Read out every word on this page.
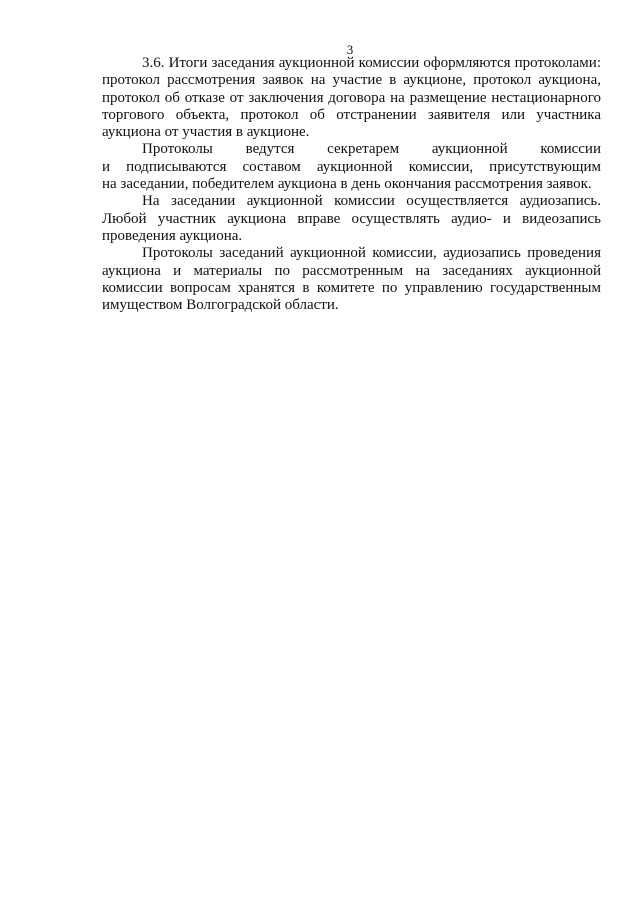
3

3.6. Итоги заседания аукционной комиссии оформляются протоколами:
протокол рассмотрения заявок на участие в аукционе, протокол аукциона,
протокол об отказе от заключения договора на размещение нестационарного
торгового объекта, протокол об отстранении заявителя или участника
аукциона от участия в аукционе.

Протоколы ведутся секретарем аукционной комиссии
и подписываются составом аукционной комиссии, присутствующим
на заседании, победителем аукциона в день окончания рассмотрения заявок.

На заседании аукционной комиссии осуществляется аудиозапись.
Любой участник аукциона вправе осуществлять аудио- и видеозапись
проведения аукциона.

Протоколы заседаний аукционной комиссии, аудиозапись проведения
аукциона и материалы по рассмотренным на заседаниях аукционной
комиссии вопросам хранятся в комитете по управлению государственным
имуществом Волгоградской области.
